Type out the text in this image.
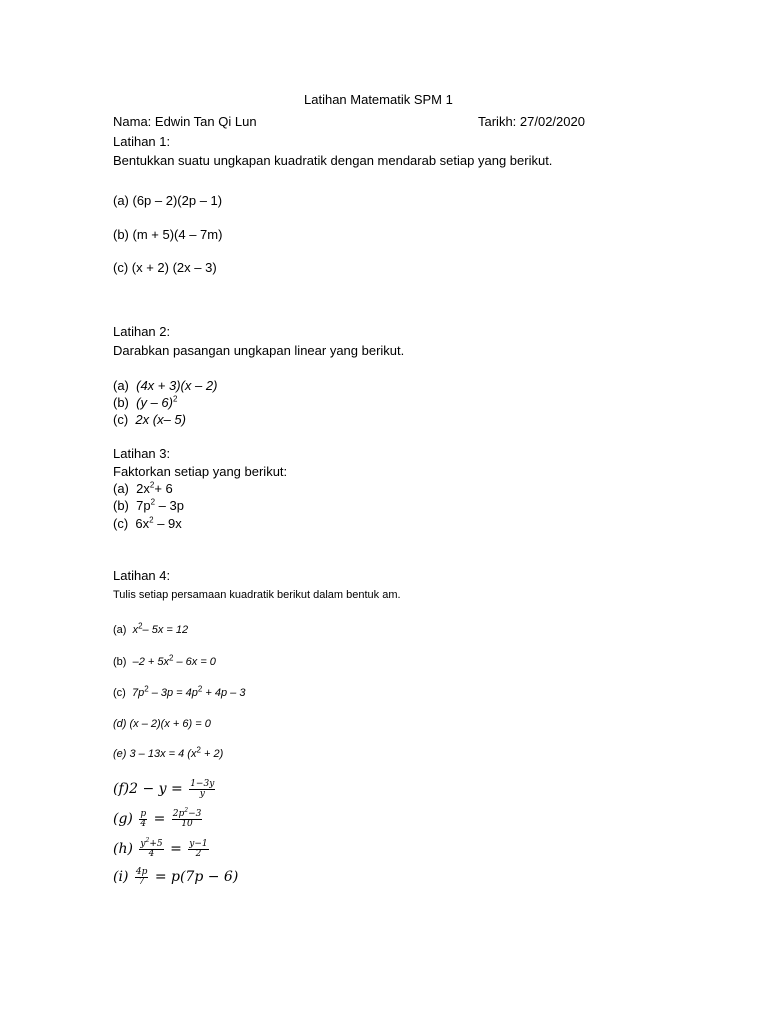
Latihan Matematik SPM 1
Nama: Edwin Tan Qi Lun	Tarikh: 27/02/2020
Latihan 1:
Bentukkan suatu ungkapan kuadratik dengan mendarab setiap yang berikut.
(a) (6p – 2)(2p – 1)
(b) (m + 5)(4 – 7m)
(c) (x + 2) (2x – 3)
Latihan 2:
Darabkan pasangan ungkapan linear yang berikut.
(a) (4x + 3)(x – 2)
(b) (y – 6)$^2$
(c) 2x (x– 5)
Latihan 3:
Faktorkan setiap yang berikut:
(a) $2x^2+ 6$
(b) $7p^2 - 3p$
(c) $6x^2 - 9x$
Latihan 4:
Tulis setiap persamaan kuadratik berikut dalam bentuk am.
(a) $x^2-$ 5x = 12
(b) $-2 + 5x^2 - 6x = 0$
(c) $7p^2 - 3p = 4p^2 + 4p - 3$
(d) (x – 2)(x + 6) = 0
(e) 3 – 13x = 4 $(x^2 + 2)$
$(f)2 - y = \frac{1-3y}{y}$
$(g) \frac{p}{4} = \frac{2p^2-3}{10}$
$(h) \frac{y^2+5}{4} = \frac{y-1}{2}$
$(i) \frac{4p}{7} = p(7p - 6)$
